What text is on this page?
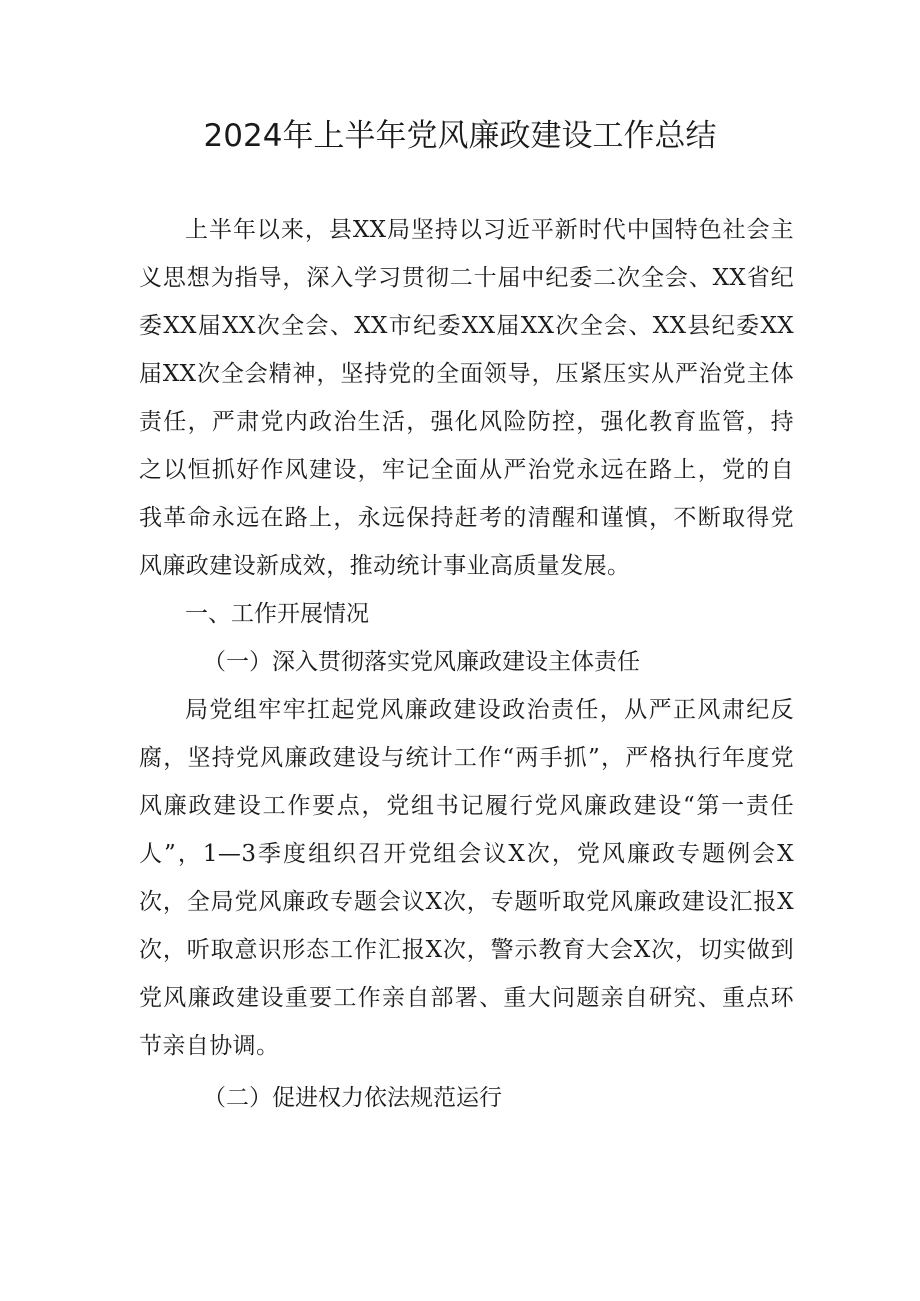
2024年上半年党风廉政建设工作总结

上半年以来，县XX局坚持以习近平新时代中国特色社会主义思想为指导，深入学习贯彻二十届中纪委二次全会、XX省纪委XX届XX次全会、XX市纪委XX届XX次全会、XX县纪委XX届XX次全会精神，坚持党的全面领导，压紧压实从严治党主体责任，严肃党内政治生活，强化风险防控，强化教育监管，持之以恒抓好作风建设，牢记全面从严治党永远在路上，党的自我革命永远在路上，永远保持赶考的清醒和谨慎，不断取得党风廉政建设新成效，推动统计事业高质量发展。

一、工作开展情况

（一）深入贯彻落实党风廉政建设主体责任

局党组牢牢扛起党风廉政建设政治责任，从严正风肃纪反腐，坚持党风廉政建设与统计工作“两手抓”，严格执行年度党风廉政建设工作要点，党组书记履行党风廉政建设“第一责任人”，1—3季度组织召开党组会议X次，党风廉政专题例会X次，全局党风廉政专题会议X次，专题听取党风廉政建设汇报X次，听取意识形态工作汇报X次，警示教育大会X次，切实做到党风廉政建设重要工作亲自部署、重大问题亲自研究、重点环节亲自协调。

（二）促进权力依法规范运行
